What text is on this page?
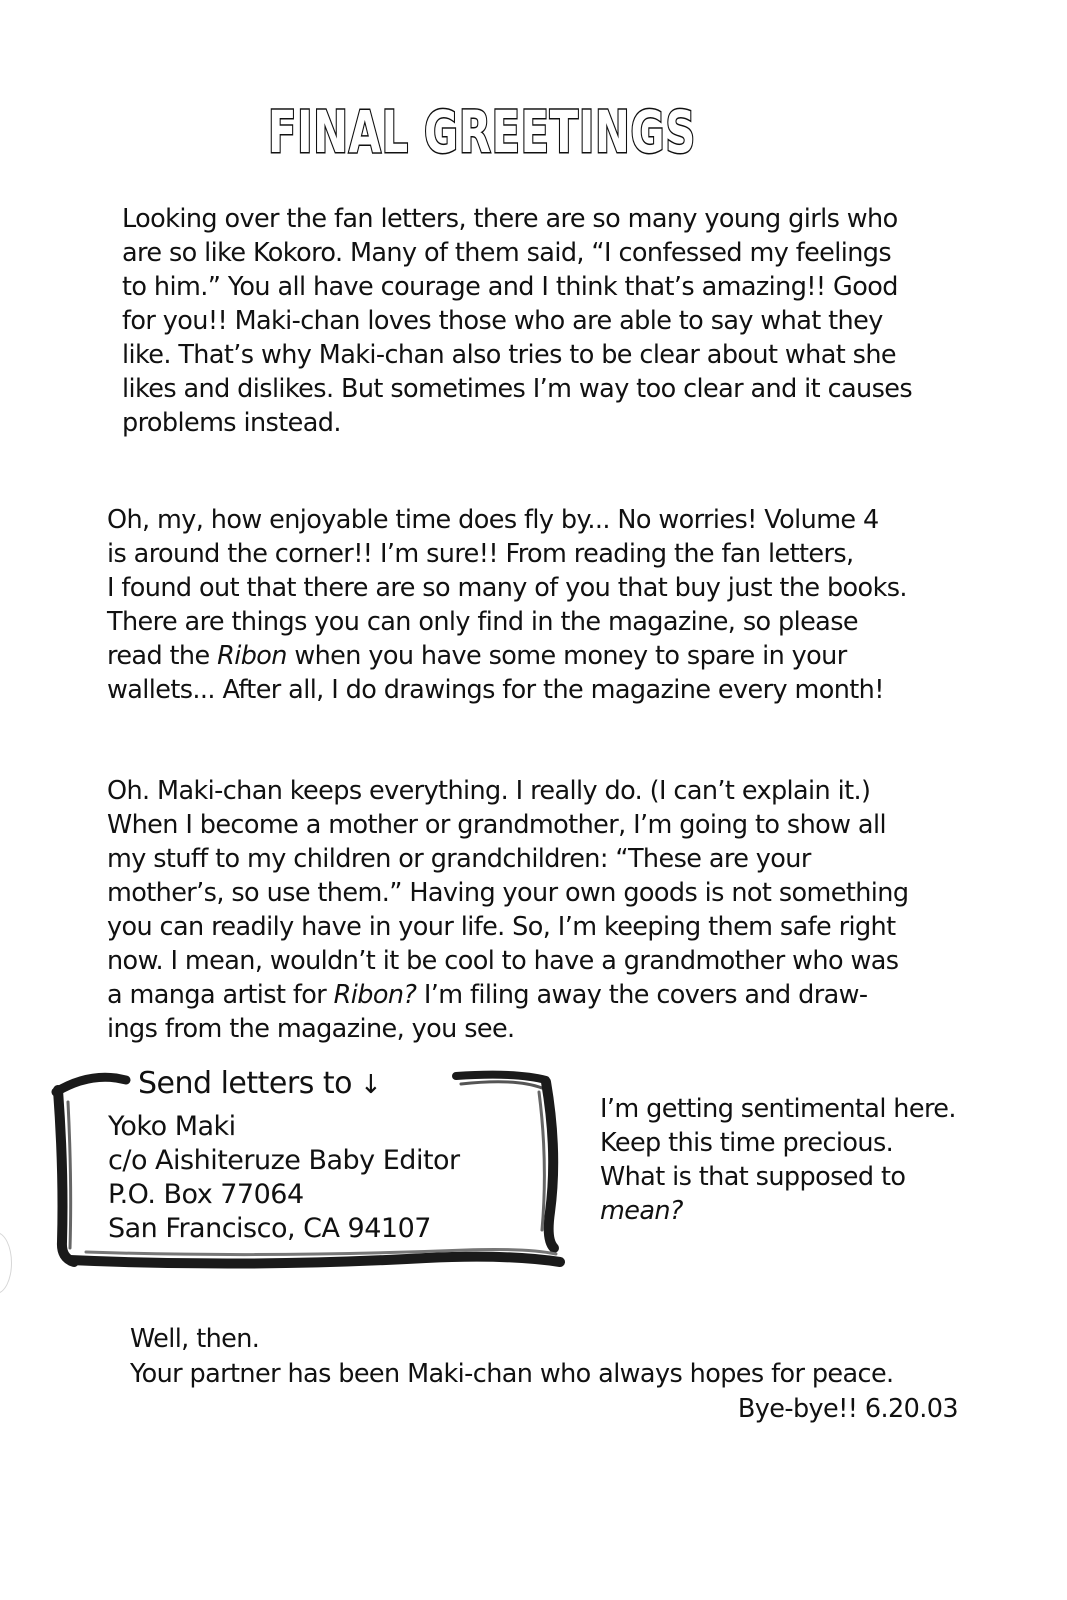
FINAL GREETINGS

Looking over the fan letters, there are so many young girls who
are so like Kokoro. Many of them said, “I confessed my feelings
to him.” You all have courage and I think that’s amazing!! Good
for you!! Maki-chan loves those who are able to say what they
like. That’s why Maki-chan also tries to be clear about what she
likes and dislikes. But sometimes I’m way too clear and it causes
problems instead.

Oh, my, how enjoyable time does fly by... No worries! Volume 4
is around the corner!! I’m sure!! From reading the fan letters,
I found out that there are so many of you that buy just the books.
There are things you can only find in the magazine, so please
read the Ribon when you have some money to spare in your
wallets... After all, I do drawings for the magazine every month!

Oh. Maki-chan keeps everything. I really do. (I can’t explain it.)
When I become a mother or grandmother, I’m going to show all
my stuff to my children or grandchildren: “These are your
mother’s, so use them.” Having your own goods is not something
you can readily have in your life. So, I’m keeping them safe right
now. I mean, wouldn’t it be cool to have a grandmother who was
a manga artist for Ribon? I’m filing away the covers and draw-
ings from the magazine, you see.

Send letters to ↓
Yoko Maki
c/o Aishiteruze Baby Editor
P.O. Box 77064
San Francisco, CA 94107
I’m getting sentimental here.
Keep this time precious.
What is that supposed to
mean?
Well, then.
Your partner has been Maki-chan who always hopes for peace.
Bye-bye!! 6.20.03
